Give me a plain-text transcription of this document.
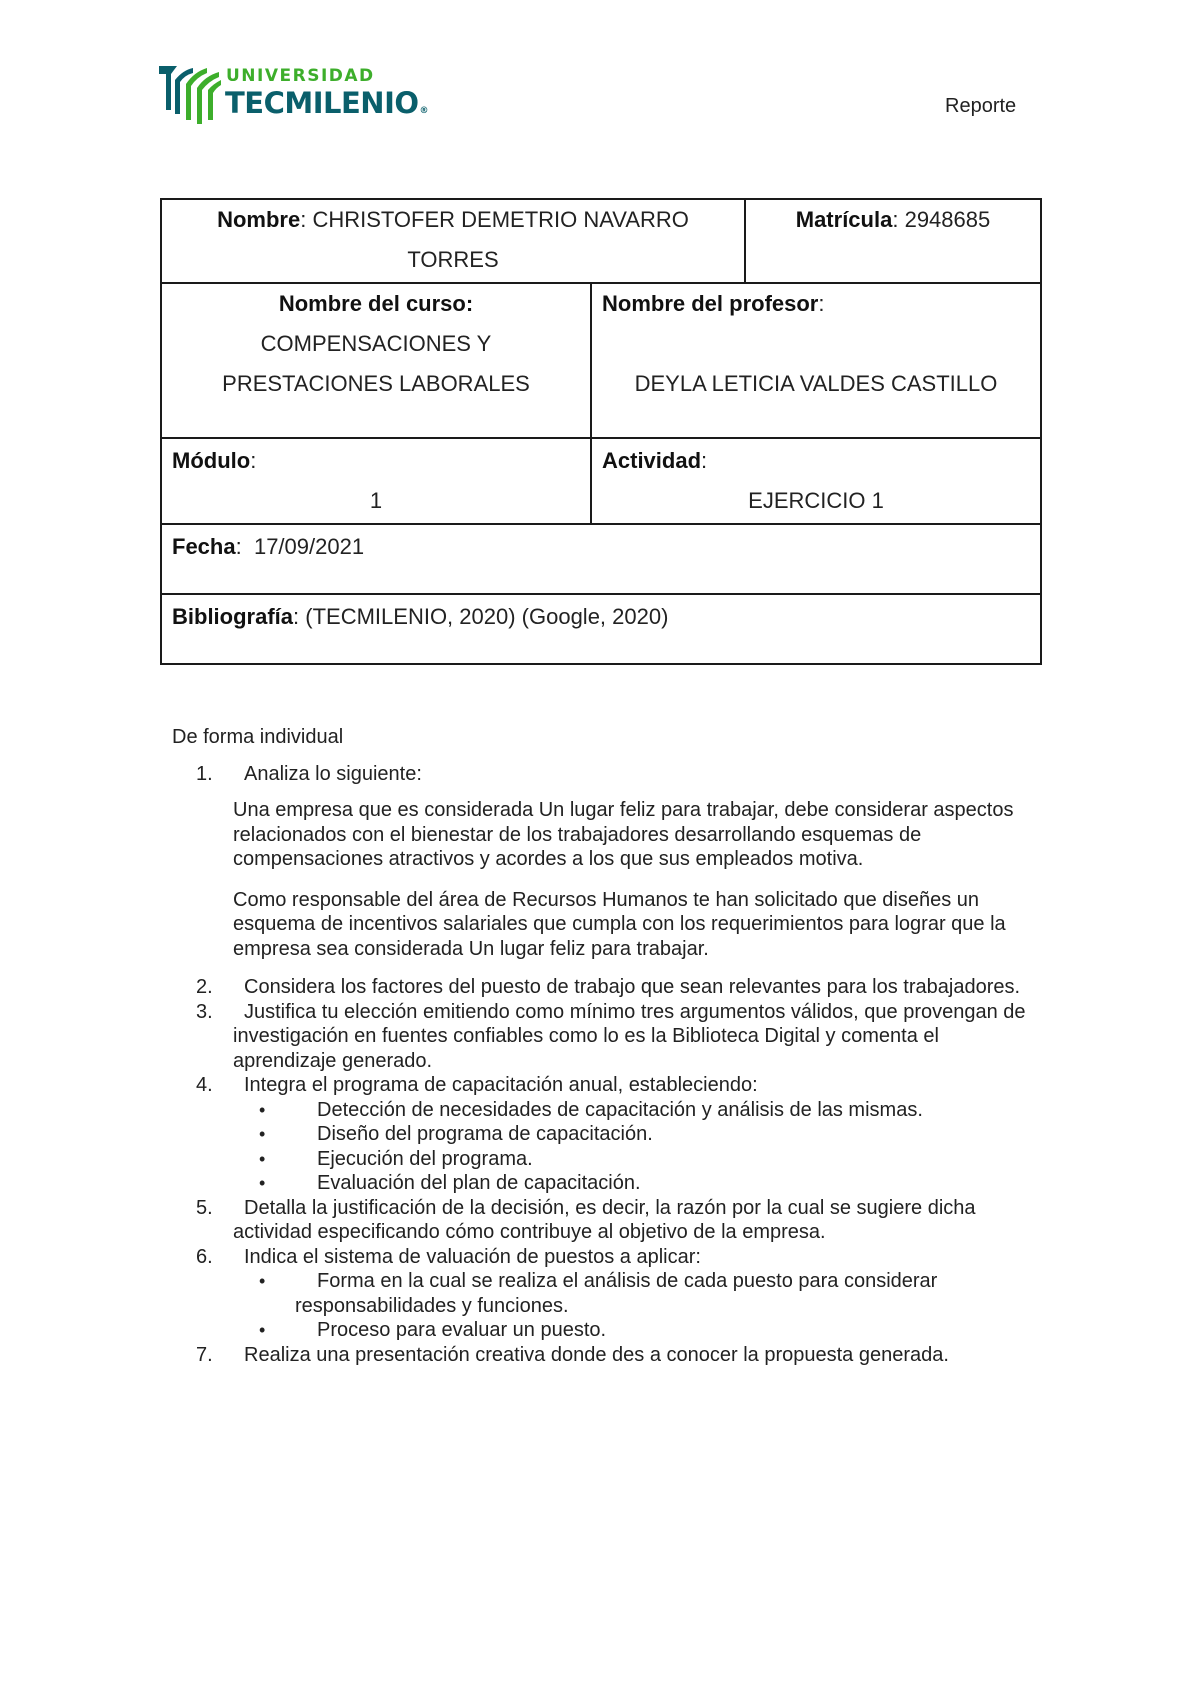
UNIVERSIDAD
TECMILENIO®	Reporte
Nombre: CHRISTOFER DEMETRIO NAVARRO
TORRES		Matrícula: 2948685
Nombre del curso:
COMPENSACIONES Y
PRESTACIONES LABORALES	Nombre del profesor:

DEYLA LETICIA VALDES CASTILLO	

Módulo:

1	Actividad:

EJERCICIO 1	

Fecha: 17/09/2021		
Bibliografía: (TECMILENIO, 2020) (Google, 2020)		

De forma individual

1.	Analiza lo siguiente:
Una empresa que es considerada Un lugar feliz para trabajar, debe considerar aspectos relacionados con el bienestar de los trabajadores desarrollando esquemas de compensaciones atractivos y acordes a los que sus empleados motiva.
Como responsable del área de Recursos Humanos te han solicitado que diseñes un esquema de incentivos salariales que cumpla con los requerimientos para lograr que la empresa sea considerada Un lugar feliz para trabajar.
2.	Considera los factores del puesto de trabajo que sean relevantes para los trabajadores.
3.	Justifica tu elección emitiendo como mínimo tres argumentos válidos, que provengan de investigación en fuentes confiables como lo es la Biblioteca Digital y comenta el aprendizaje generado.
4.	Integra el programa de capacitación anual, estableciendo:
•	Detección de necesidades de capacitación y análisis de las mismas.
•	Diseño del programa de capacitación.
•	Ejecución del programa.
•	Evaluación del plan de capacitación.
5.	Detalla la justificación de la decisión, es decir, la razón por la cual se sugiere dicha actividad especificando cómo contribuye al objetivo de la empresa.
6.	Indica el sistema de valuación de puestos a aplicar:
•	Forma en la cual se realiza el análisis de cada puesto para considerar responsabilidades y funciones.
•	Proceso para evaluar un puesto.
7.	Realiza una presentación creativa donde des a conocer la propuesta generada.
